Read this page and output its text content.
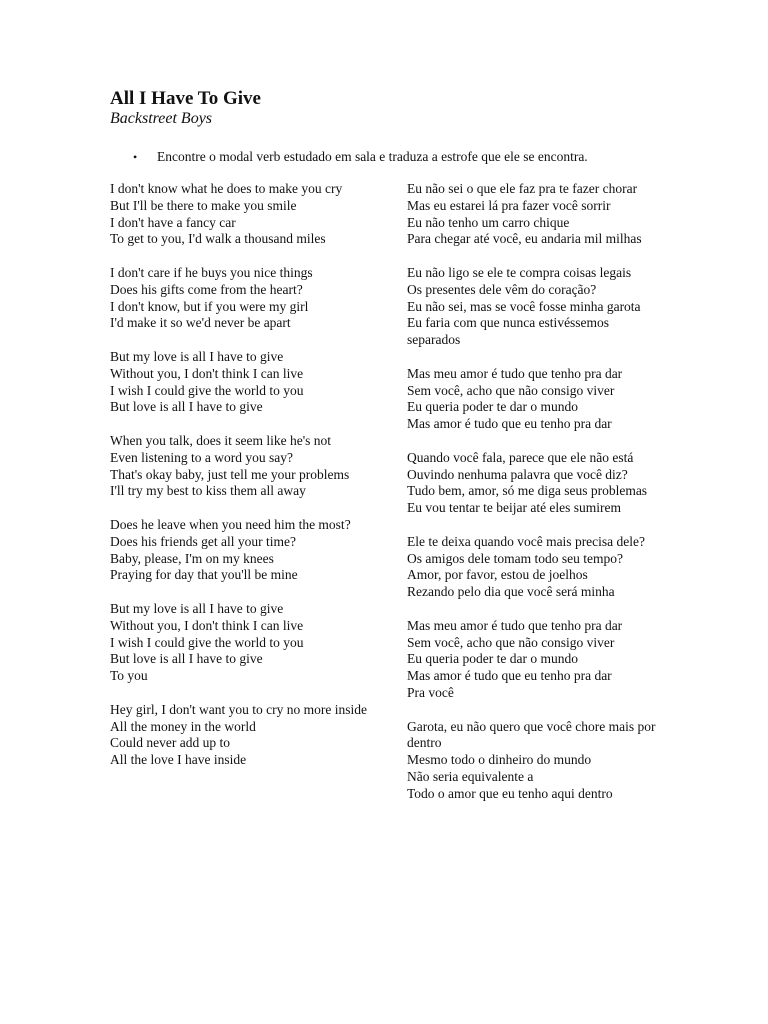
All I Have To Give
Backstreet Boys
• Encontre o modal verb estudado em sala e traduza a estrofe que ele se encontra.
I don't know what he does to make you cry
But I'll be there to make you smile
I don't have a fancy car
To get to you, I'd walk a thousand miles
I don't care if he buys you nice things
Does his gifts come from the heart?
I don't know, but if you were my girl
I'd make it so we'd never be apart
But my love is all I have to give
Without you, I don't think I can live
I wish I could give the world to you
But love is all I have to give
When you talk, does it seem like he's not
Even listening to a word you say?
That's okay baby, just tell me your problems
I'll try my best to kiss them all away
Does he leave when you need him the most?
Does his friends get all your time?
Baby, please, I'm on my knees
Praying for day that you'll be mine
But my love is all I have to give
Without you, I don't think I can live
I wish I could give the world to you
But love is all I have to give
To you
Hey girl, I don't want you to cry no more inside
All the money in the world
Could never add up to
All the love I have inside
Eu não sei o que ele faz pra te fazer chorar
Mas eu estarei lá pra fazer você sorrir
Eu não tenho um carro chique
Para chegar até você, eu andaria mil milhas
Eu não ligo se ele te compra coisas legais
Os presentes dele vêm do coração?
Eu não sei, mas se você fosse minha garota
Eu faria com que nunca estivéssemos separados
Mas meu amor é tudo que tenho pra dar
Sem você, acho que não consigo viver
Eu queria poder te dar o mundo
Mas amor é tudo que eu tenho pra dar
Quando você fala, parece que ele não está
Ouvindo nenhuma palavra que você diz?
Tudo bem, amor, só me diga seus problemas
Eu vou tentar te beijar até eles sumirem
Ele te deixa quando você mais precisa dele?
Os amigos dele tomam todo seu tempo?
Amor, por favor, estou de joelhos
Rezando pelo dia que você será minha
Mas meu amor é tudo que tenho pra dar
Sem você, acho que não consigo viver
Eu queria poder te dar o mundo
Mas amor é tudo que eu tenho pra dar
Pra você
Garota, eu não quero que você chore mais por dentro
Mesmo todo o dinheiro do mundo
Não seria equivalente a
Todo o amor que eu tenho aqui dentro
